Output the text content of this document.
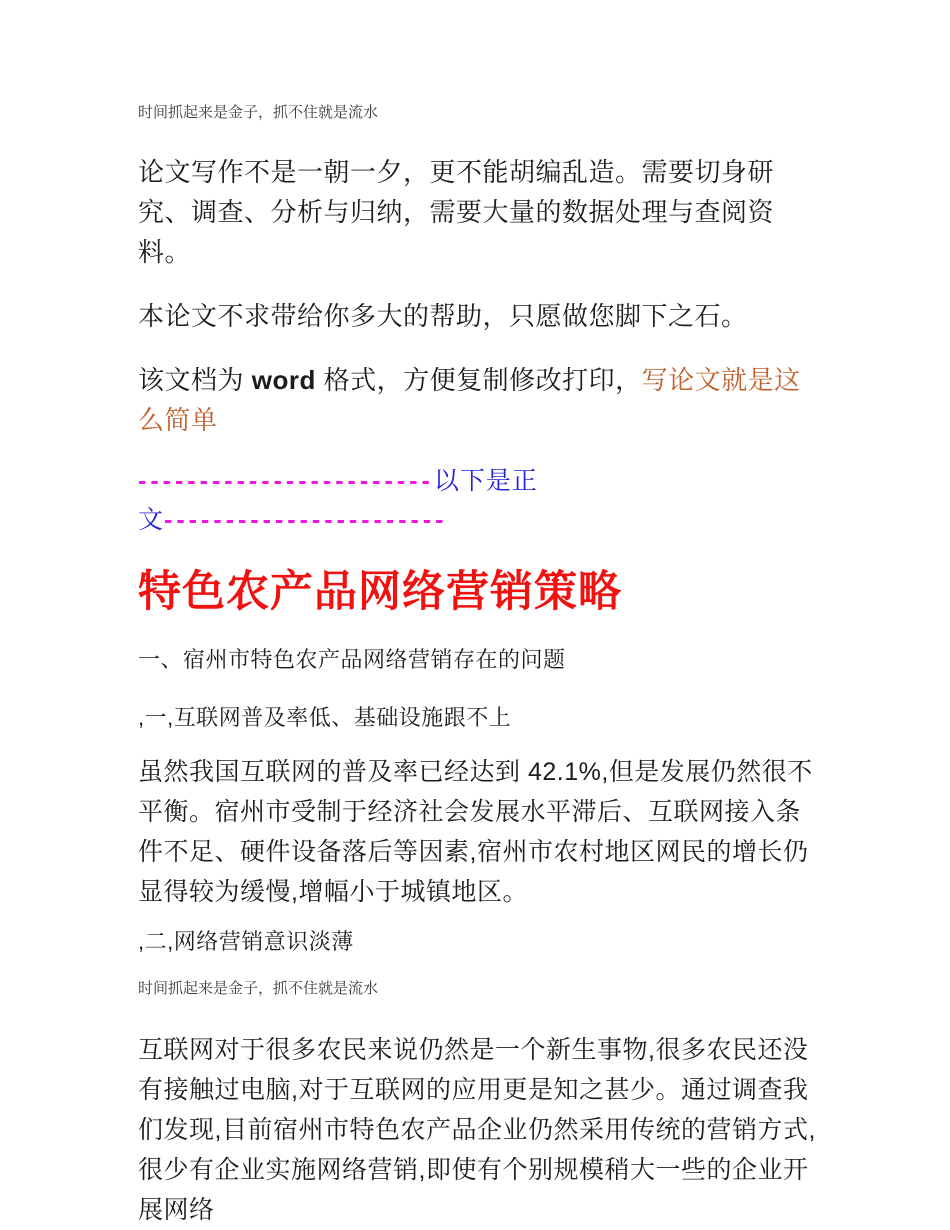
时间抓起来是金子，抓不住就是流水

论文写作不是一朝一夕，更不能胡编乱造。需要切身研究、调查、分析与归纳，需要大量的数据处理与查阅资料。

本论文不求带给你多大的帮助，只愿做您脚下之石。

该文档为 word 格式，方便复制修改打印，写论文就是这么简单

------------------------以下是正
文-----------------------
特色农产品网络营销策略
一、宿州市特色农产品网络营销存在的问题
,一,互联网普及率低、基础设施跟不上

虽然我国互联网的普及率已经达到 42.1%,但是发展仍然很不平衡。宿州市受制于经济社会发展水平滞后、互联网接入条件不足、硬件设备落后等因素,宿州市农村地区网民的增长仍显得较为缓慢,增幅小于城镇地区。

,二,网络营销意识淡薄

时间抓起来是金子，抓不住就是流水

互联网对于很多农民来说仍然是一个新生事物,很多农民还没有接触过电脑,对于互联网的应用更是知之甚少。通过调查我们发现,目前宿州市特色农产品企业仍然采用传统的营销方式,很少有企业实施网络营销,即使有个别规模稍大一些的企业开展网络
